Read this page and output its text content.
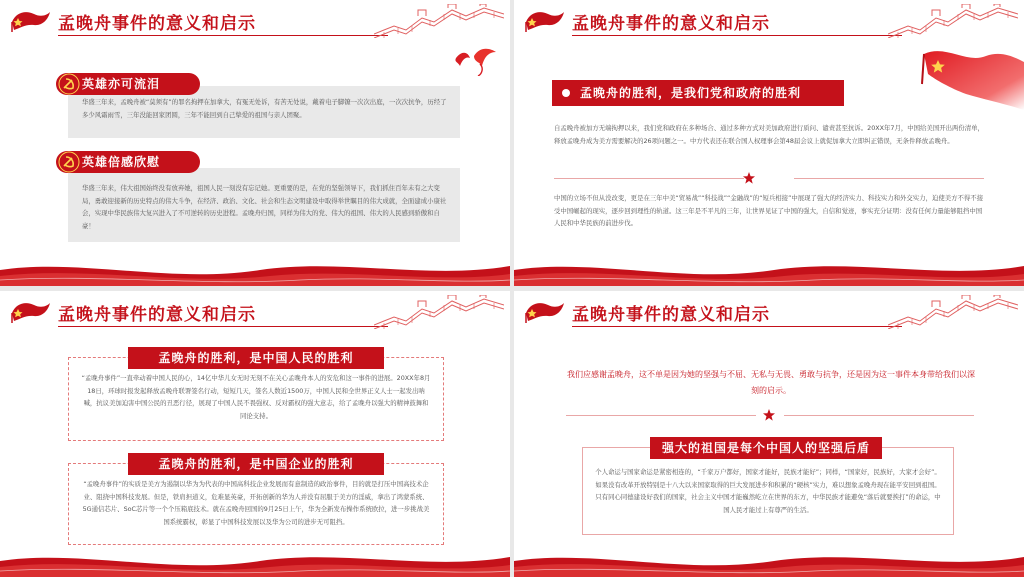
孟晚舟事件的意义和启示

华盛三年来，孟晚舟被“莫须有”的罪名拘押在加拿大，有冤无处诉，有苦无处说，戴着电子脚镣一次次出庭，一次次抗争，历经了多少风霜雨雪，三年没能回家团圆，三年不能回到自己挚爱的祖国与亲人团聚。

英雄亦可流泪

华盛三年来，伟大祖国始终没有放弃她，祖国人民一刻没有忘记她。更重要的是，在党的坚强领导下，我们抓住百年未有之大变局，勇敢迎接新的历史特点的伟大斗争，在经济、政治、文化、社会和生态文明建设中取得举世瞩目的伟大成就，全面建成小康社会，实现中华民族伟大复兴进入了不可逆转的历史进程。孟晚舟归国，同样为伟大的党、伟大的祖国、伟大的人民感到骄傲和自豪！

英雄倍感欣慰
孟晚舟事件的意义和启示
孟晚舟的胜利，是我们党和政府的胜利

自孟晚舟被加方无端拘押以来，我们党和政府在多种场合、通过多种方式对美加政府进行质问、谴责甚至抗诉。20XX年7月，中国给美国开出两份清单，释放孟晚舟成为美方需要解决的26项问题之一。中方代表还在联合国人权理事会第48届会议上就促加拿大立即纠正错误，无条件释放孟晚舟。

中国的立场不但从没改变，更是在三年中美“贸易战”“科技战”“金融战”的“短兵相接”中展现了强大的经济实力、科技实力和外交实力，迫使美方不得不接受中国崛起的现实，逐步回到理性的轨道。这三年是不平凡的三年，让世界见证了中国的强大，自信和觉迹，事实充分证明：没有任何力量能够阻挡中国人民和中华民族的前进步伐。

孟晚舟事件的意义和启示

“孟晚舟事件”一直牵动着中国人民的心，14亿中华儿女无时无刻不在关心孟晚舟本人的安危和这一事件的进展。20XX年8月18日，环球时报发起释放孟晚舟联署签名行动，短短几天，签名人数近1500万，中国人民和全世界正义人士一起发出呐喊，抗议美加迫害中国公民的丑恶行径，展现了中国人民不畏强权、反对霸权的强大意志，给了孟晚舟以强大的精神鼓舞和同论支持。

孟晚舟的胜利，是中国人民的胜利

“孟晚舟事件”的实质是美方为遏制以华为为代表的中国高科技企业发展而有意制造的政治事件，目的就是打压中国高技术企业、阻挠中国科技发展。但是，铁肩担道义，危难显英豪，开拓创新的华为人并没有屈服于美方的淫威，拿出了鸿蒙系统、5G通信芯片、SoC芯片等一个个压箱底技术。就在孟晚舟回国的9月25日上午，华为全新发布操作系统欧拉，进一步挑战美国系统霸权，彰显了中国科技发展以及华为公司的进步无可阻挡。

孟晚舟的胜利，是中国企业的胜利
孟晚舟事件的意义和启示
我们应感谢孟晚舟，这不单是因为她的坚强与不屈、无私与无畏、勇敢与抗争，还是因为这一事件本身带给我们以深刻的启示。

个人命运与国家命运是紧密相连的，“千家万户都好，国家才能好，民族才能好”；同样，“国家好，民族好，大家才会好”。如果没有改革开放特别是十八大以来国家取得的巨大发展进步和积累的“硬核”实力，难以想象孟晚舟现在能平安回到祖国。只有同心同德建设好我们的国家，社会主义中国才能巍然屹立在世界的东方，中华民族才能避免“落后就要挨打”的命运，中国人民才能过上有尊严的生活。

强大的祖国是每个中国人的坚强后盾
